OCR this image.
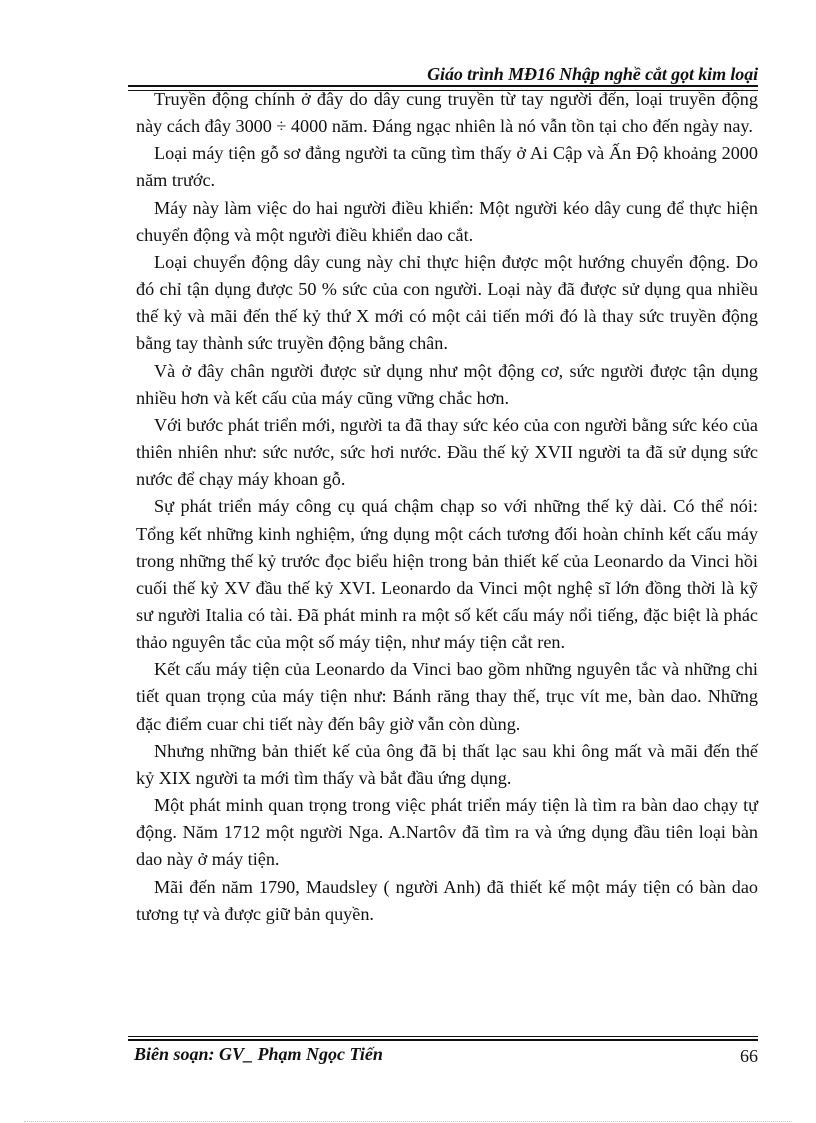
Giáo trình MĐ16 Nhập nghề cắt gọt kim loại

Truyền động chính ở đây do dây cung truyền từ tay người đến, loại truyền động này cách đây 3000 ÷ 4000 năm. Đáng ngạc nhiên là nó vẫn tồn tại cho đến ngày nay.

Loại máy tiện gỗ sơ đẳng người ta cũng tìm thấy ở Ai Cập và Ấn Độ khoảng 2000 năm trước.

Máy này làm việc do hai người điều khiển: Một người kéo dây cung để thực hiện chuyển động và một người điều khiển dao cắt.

Loại chuyển động dây cung này chỉ thực hiện được một hướng chuyển động. Do đó chỉ tận dụng được 50 % sức của con người. Loại này đã được sử dụng qua nhiều thế kỷ và mãi đến thế kỷ thứ X mới có một cải tiến mới đó là thay sức truyền động bằng tay thành sức truyền động bằng chân.

Và ở đây chân người được sử dụng như một động cơ, sức người được tận dụng nhiều hơn và kết cấu của máy cũng vững chắc hơn.

Với bước phát triển mới, người ta đã thay sức kéo của con người bằng sức kéo của thiên nhiên như: sức nước, sức hơi nước. Đầu thế kỷ XVII người ta đã sử dụng sức nước để chạy máy khoan gỗ.

Sự phát triển máy công cụ quá chậm chạp so với những thế kỷ dài. Có thể nói: Tổng kết những kinh nghiệm, ứng dụng một cách tương đối hoàn chỉnh kết cấu máy trong những thế kỷ trước đọc biểu hiện trong bản thiết kế của Leonardo da Vinci hồi cuối thế kỷ XV đầu thế kỷ XVI. Leonardo da Vinci một nghệ sĩ lớn đồng thời là kỹ sư người Italia có tài. Đã phát minh ra một số kết cấu máy nổi tiếng, đặc biệt là phác thảo nguyên tắc của một số máy tiện, như máy tiện cắt ren.

Kết cấu máy tiện của Leonardo da Vinci bao gồm những nguyên tắc và những chi tiết quan trọng của máy tiện như: Bánh răng thay thế, trục vít me, bàn dao. Những đặc điểm cuar chi tiết này đến bây giờ vẫn còn dùng.

Nhưng những bản thiết kế của ông đã bị thất lạc sau khi ông mất và mãi đến thế kỷ XIX người ta mới tìm thấy và bắt đầu ứng dụng.

Một phát minh quan trọng trong việc phát triển máy tiện là tìm ra bàn dao chạy tự động. Năm 1712 một người Nga. A.Nartôv đã tìm ra và ứng dụng đầu tiên loại bàn dao này ở máy tiện.

Mãi đến năm 1790, Maudsley ( người Anh) đã thiết kế một máy tiện có bàn dao tương tự và được giữ bản quyền.

Biên soạn: GV_ Phạm Ngọc Tiến	66
